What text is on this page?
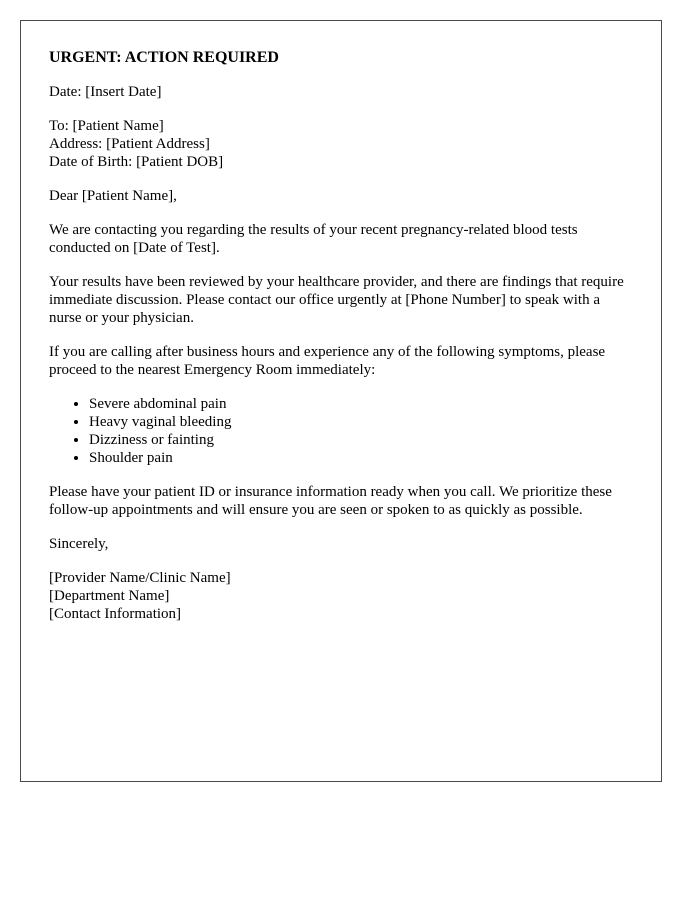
URGENT: ACTION REQUIRED

Date: [Insert Date]

To: [Patient Name]
Address: [Patient Address]
Date of Birth: [Patient DOB]

Dear [Patient Name],

We are contacting you regarding the results of your recent pregnancy-related blood tests conducted on [Date of Test].

Your results have been reviewed by your healthcare provider, and there are findings that require immediate discussion. Please contact our office urgently at [Phone Number] to speak with a nurse or your physician.

If you are calling after business hours and experience any of the following symptoms, please proceed to the nearest Emergency Room immediately:

• Severe abdominal pain
• Heavy vaginal bleeding
• Dizziness or fainting
• Shoulder pain

Please have your patient ID or insurance information ready when you call. We prioritize these follow-up appointments and will ensure you are seen or spoken to as quickly as possible.

Sincerely,

[Provider Name/Clinic Name]
[Department Name]
[Contact Information]
